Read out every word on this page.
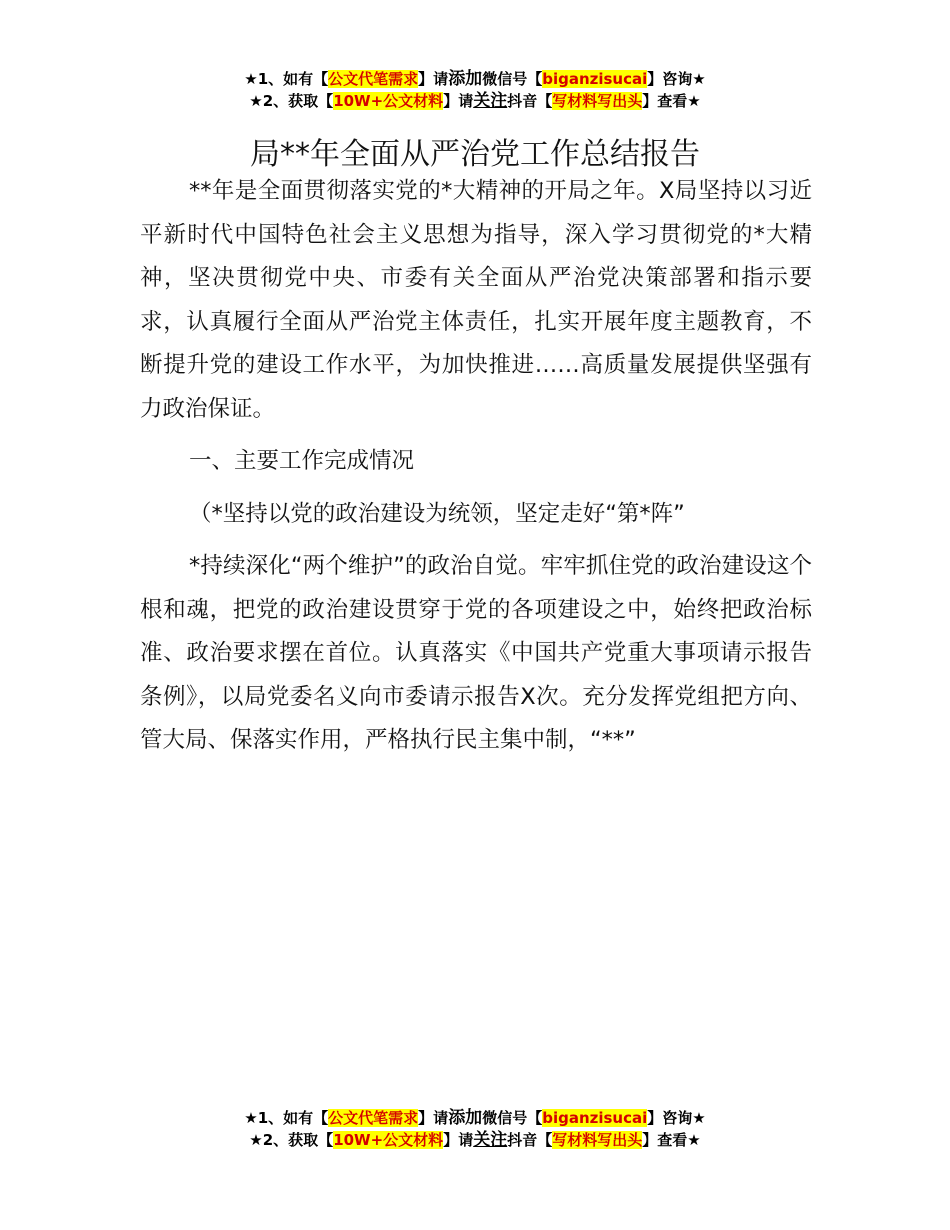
★1、如有【公文代笔需求】请添加微信号【biganzisucai】咨询★
★2、获取【10W+公文材料】请关注抖音【写材料写出头】查看★
局**年全面从严治党工作总结报告

**年是全面贯彻落实党的*大精神的开局之年。X局坚持以习近平新时代中国特色社会主义思想为指导，深入学习贯彻党的*大精神，坚决贯彻党中央、市委有关全面从严治党决策部署和指示要求，认真履行全面从严治党主体责任，扎实开展年度主题教育，不断提升党的建设工作水平，为加快推进……高质量发展提供坚强有力政治保证。

一、主要工作完成情况

（*坚持以党的政治建设为统领，坚定走好“第*阵”

*持续深化“两个维护”的政治自觉。牢牢抓住党的政治建设这个根和魂，把党的政治建设贯穿于党的各项建设之中，始终把政治标准、政治要求摆在首位。认真落实《中国共产党重大事项请示报告条例》，以局党委名义向市委请示报告X次。充分发挥党组把方向、管大局、保落实作用，严格执行民主集中制，“**”

★1、如有【公文代笔需求】请添加微信号【biganzisucai】咨询★
★2、获取【10W+公文材料】请关注抖音【写材料写出头】查看★
